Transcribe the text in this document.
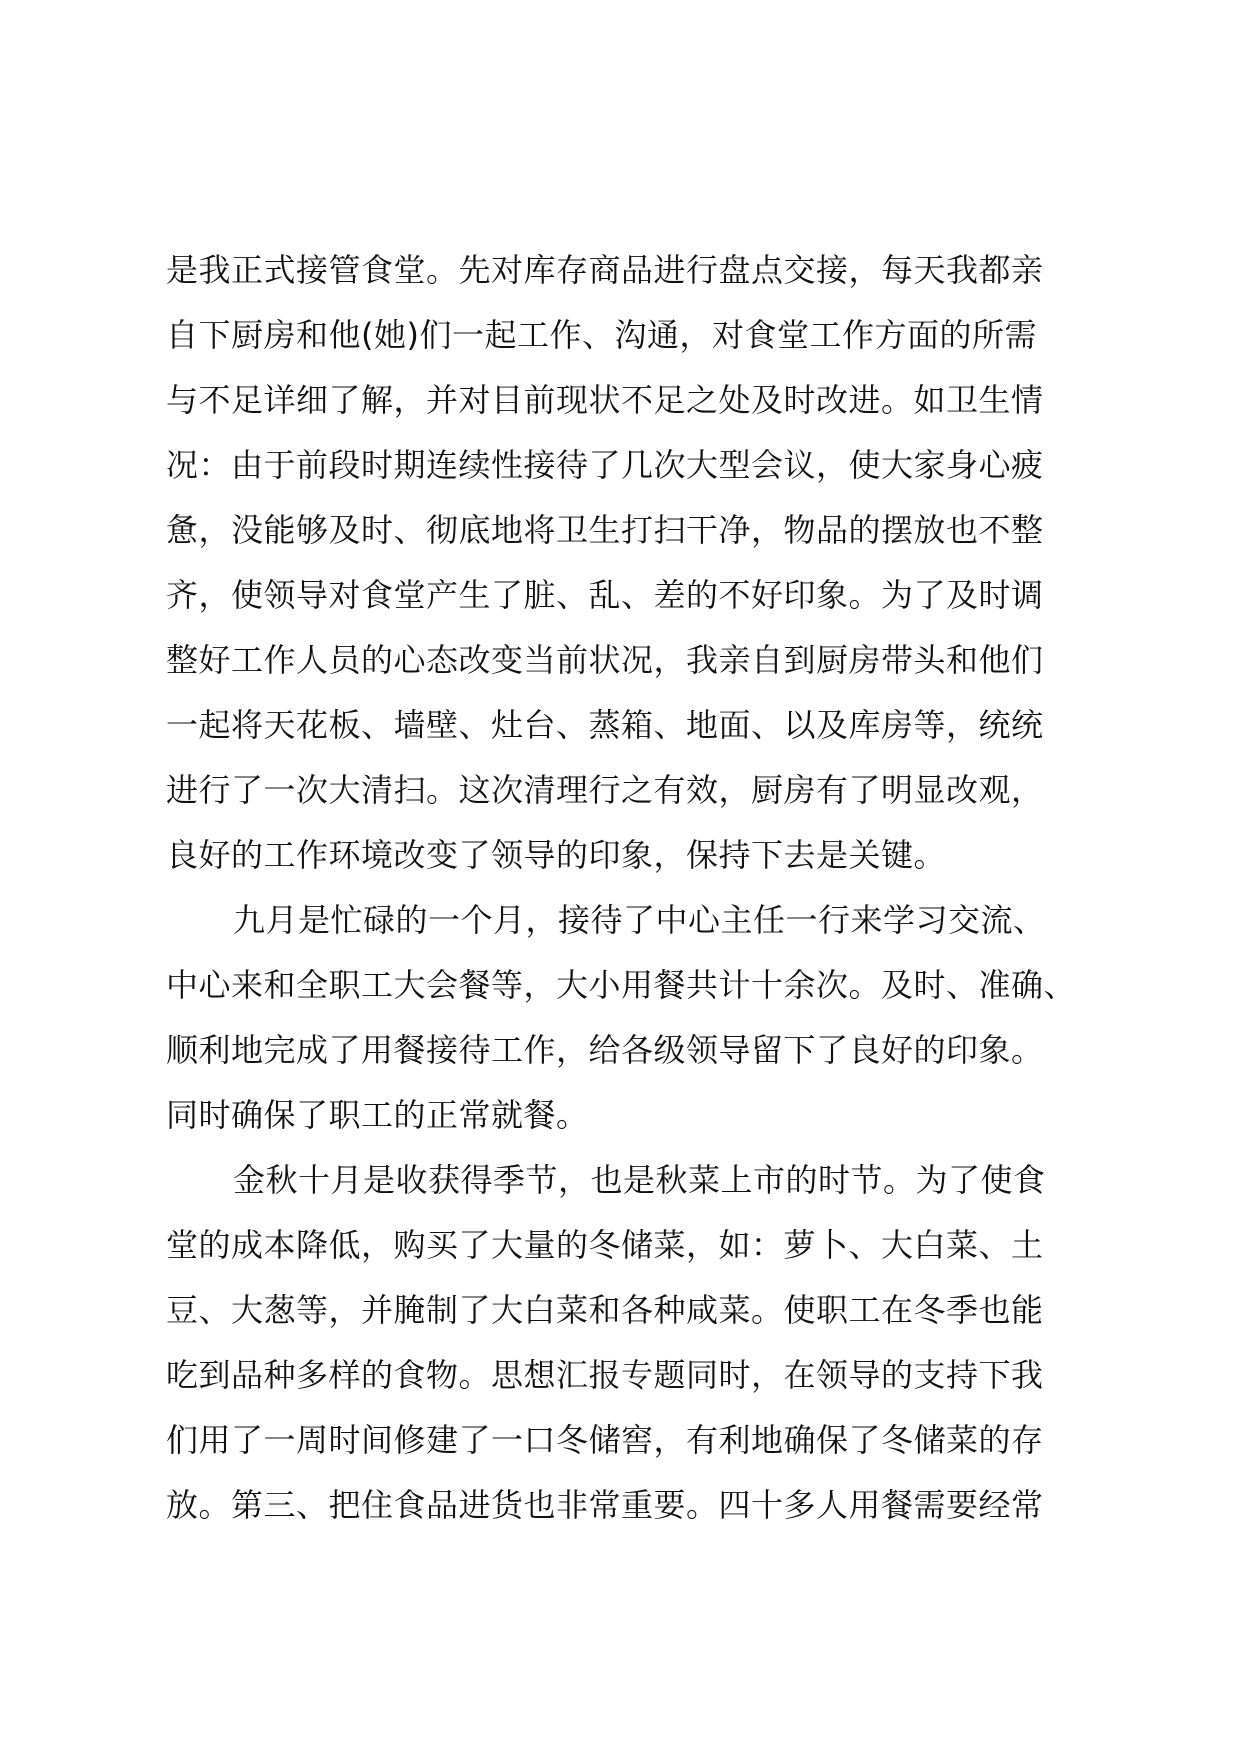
是我正式接管食堂。先对库存商品进行盘点交接，每天我都亲
自下厨房和他(她)们一起工作、沟通，对食堂工作方面的所需
与不足详细了解，并对目前现状不足之处及时改进。如卫生情
况：由于前段时期连续性接待了几次大型会议，使大家身心疲
惫，没能够及时、彻底地将卫生打扫干净，物品的摆放也不整
齐，使领导对食堂产生了脏、乱、差的不好印象。为了及时调
整好工作人员的心态改变当前状况，我亲自到厨房带头和他们
一起将天花板、墙壁、灶台、蒸箱、地面、以及库房等，统统
进行了一次大清扫。这次清理行之有效，厨房有了明显改观，
良好的工作环境改变了领导的印象，保持下去是关键。
九月是忙碌的一个月，接待了中心主任一行来学习交流、
中心来和全职工大会餐等，大小用餐共计十余次。及时、准确、
顺利地完成了用餐接待工作，给各级领导留下了良好的印象。
同时确保了职工的正常就餐。
金秋十月是收获得季节，也是秋菜上市的时节。为了使食
堂的成本降低，购买了大量的冬储菜，如：萝卜、大白菜、土
豆、大葱等，并腌制了大白菜和各种咸菜。使职工在冬季也能
吃到品种多样的食物。思想汇报专题同时，在领导的支持下我
们用了一周时间修建了一口冬储窖，有利地确保了冬储菜的存
放。第三、把住食品进货也非常重要。四十多人用餐需要经常
